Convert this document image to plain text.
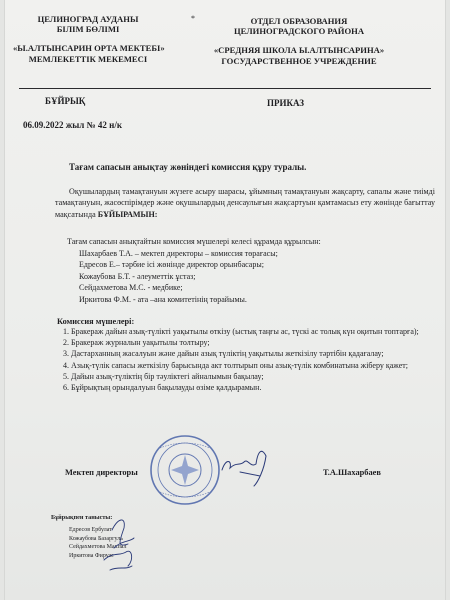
ЦЕЛИНОГРАД АУДАНЫ
БІЛІМ БӨЛІМІ
«Ы.АЛТЫНСАРИН ОРТА МЕКТЕБІ»
МЕМЛЕКЕТТІК МЕКЕМЕСІ
*	ОТДЕЛ ОБРАЗОВАНИЯ
ЦЕЛИНОГРАДСКОГО РАЙОНА
«СРЕДНЯЯ ШКОЛА Ы.АЛТЫНСАРИНА»
ГОСУДАРСТВЕННОЕ УЧРЕЖДЕНИЕ
БҰЙРЫҚ	ПРИКАЗ
06.09.2022 жыл № 42 н/к
Тағам сапасын анықтау жөніндегі комиссия құру туралы.
Оқушылардың тамақтануын жүзеге асыру шарасы, ұйымның тамақтануын жақсарту, сапалы және тиімді тамақтануын, жасөспірімдер және оқушылардың денсаулығын жақсартуын қамтамасыз ету жөнінде бағыттау мақсатында БҰЙЫРАМЫН:
Тағам сапасын анықтайтын комиссия мүшелері келесі құрамда құрылсын:
Шахарбаев Т.А. – мектеп директоры – комиссия төрағасы;
Едресов Е.– тәрбие ісі жөнінде директор орынбасары;
Кожаубова Б.Т. - әлеуметтік ұстаз;
Сейдахметова М.С. - медбике;
Иркитова Ф.М. - ата –ана комитетінің төрайымы.
Комиссия мүшелері:
1. Бракераж дайын азық-түлікті уақытылы өткізу (ыстық таңғы ас, түскі ас толық күн оқитын топтарға);
2. Бракераж журналын уақытылы толтыру;
3. Дастарханның жасалуын және дайын азық түліктің уақытылы жеткізілу тәртібін қадағалау;
4. Азық-түлік сапасы жеткізілу барысында акт толтырып оны азық-түлік комбинатына жіберу қажет;
5. Дайын азық-түліктің бір тәуліктегі айналымын бақылау;
6. Бұйрықтың орындалуын бақылауды өзіме қалдырамын.
Мектеп директоры	Т.А.Шахарбаев
Бұйрықпен танысты:
Едресов Ербулат
Кожаубова Базаргуль
Сейдахметова Махпал
Иркитова Фирузе
